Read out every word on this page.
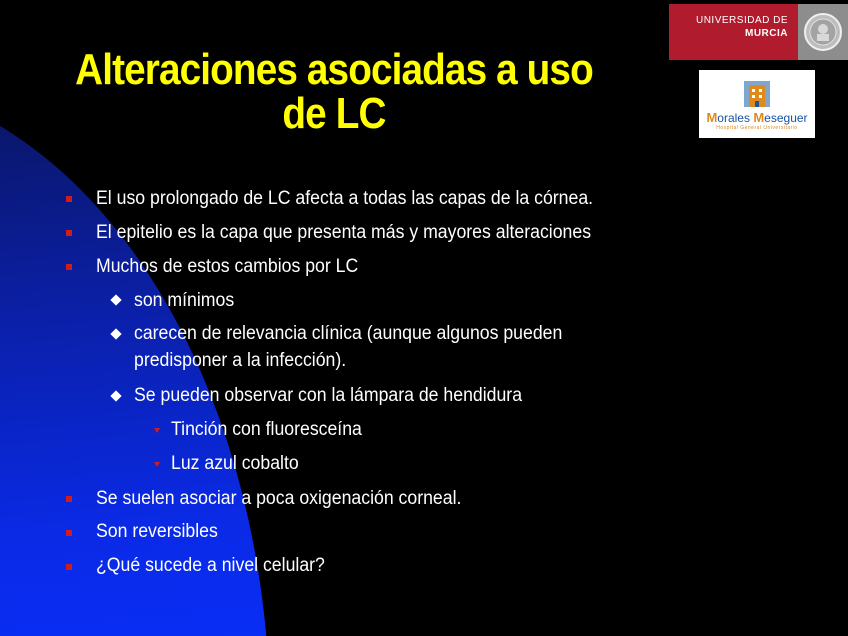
Alteraciones asociadas a uso
de LC
UNIVERSIDAD DE
MURCIA
Morales Meseguer
Hospital General Universitario
El uso prolongado de LC afecta a todas las capas de la córnea.
El epitelio es la capa que presenta más y mayores alteraciones
Muchos de estos cambios por LC
son mínimos
carecen de relevancia clínica (aunque algunos pueden
predisponer a la infección).
Se pueden observar con la lámpara de hendidura
Tinción con fluoresceína
Luz azul cobalto
Se suelen asociar a poca oxigenación corneal.
Son reversibles
¿Qué sucede a nivel celular?
